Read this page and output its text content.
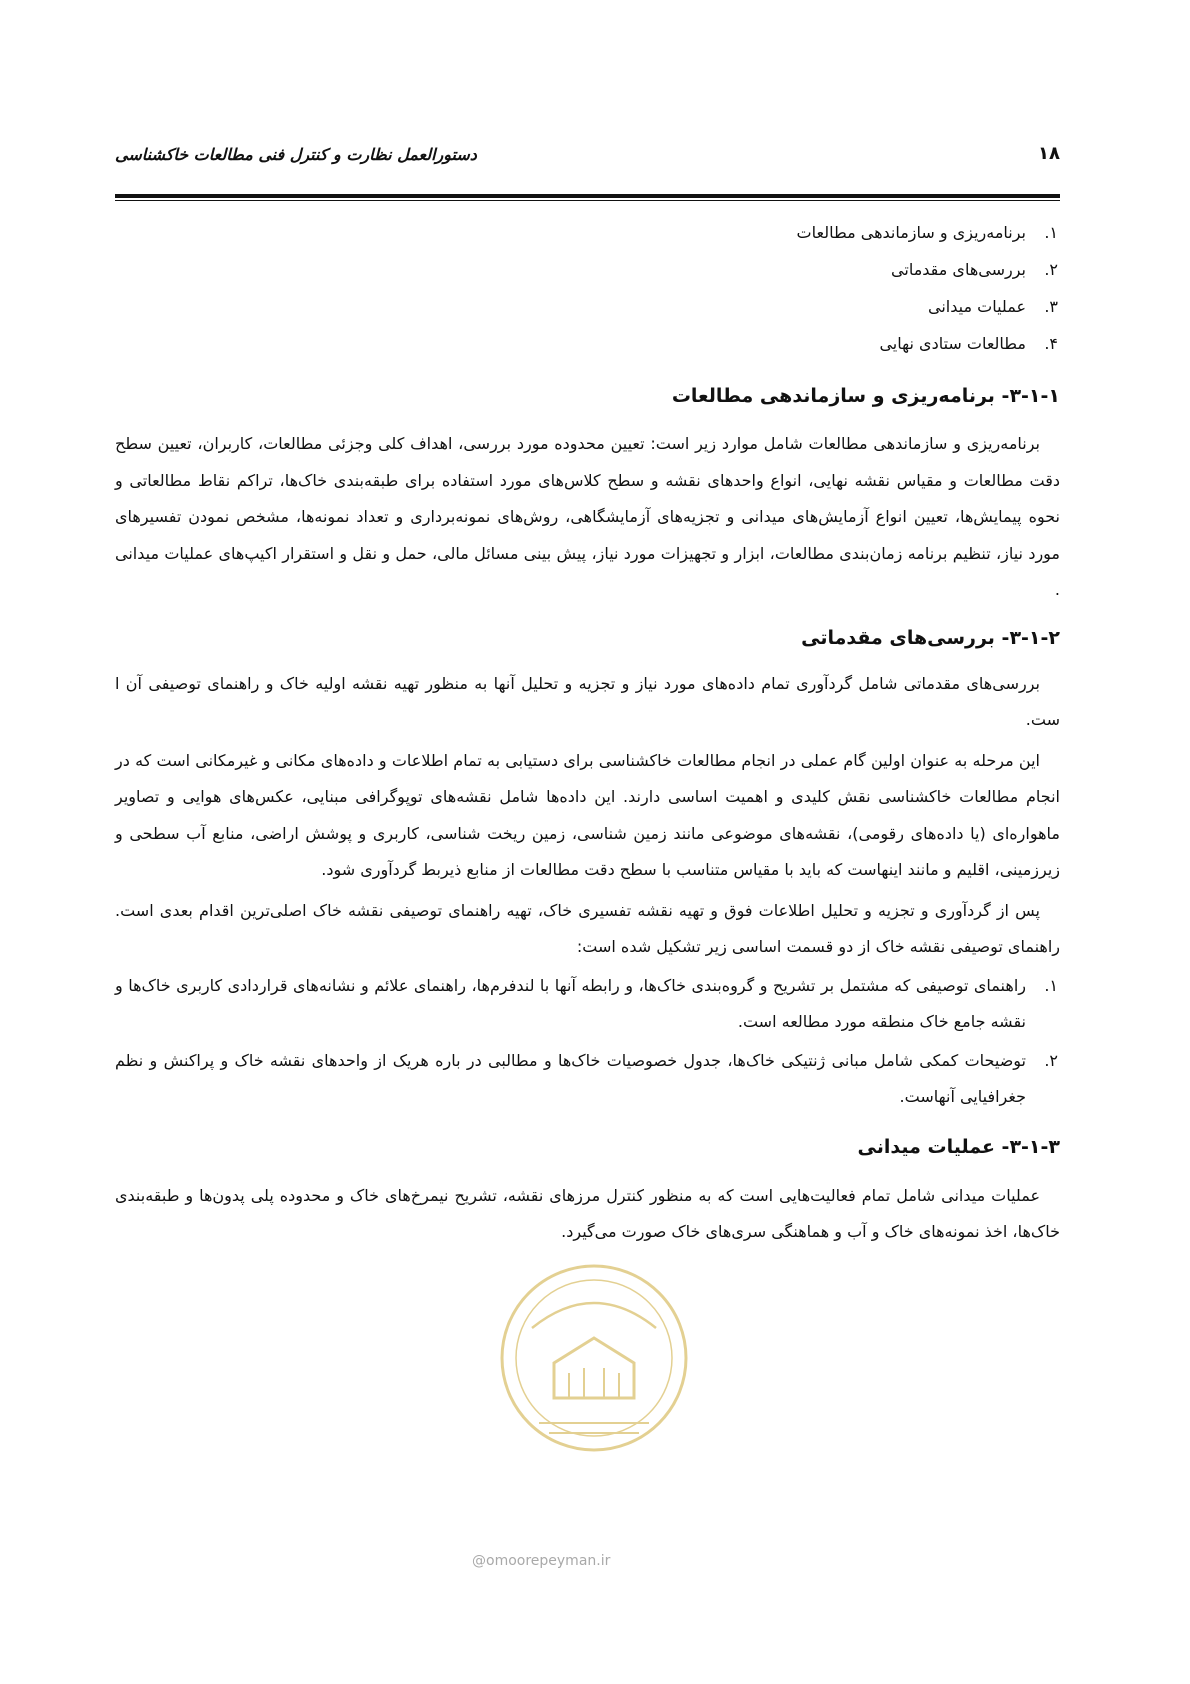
۱۸
دستورالعمل نظارت و کنترل فنی مطالعات خاکشناسی
۱.
برنامه‌ریزی و سازماندهی مطالعات
۲.
بررسی‌های مقدماتی
۳.
عملیات میدانی
۴.
مطالعات ستادی نهایی
۳-۱-۱- برنامه‌ریزی و سازماندهی مطالعات

برنامه‌ریزی و سازماندهی مطالعات شامل موارد زیر است: تعیین محدوده مورد بررسی، اهداف کلی وجزئی مطالعات، کاربران، تعیین سطح دقت مطالعات و مقیاس نقشه نهایی، انواع واحدهای نقشه و سطح کلاس‌های مورد استفاده برای طبقه‌بندی خاک‌ها، تراکم نقاط مطالعاتی و نحوه پیمایش‌ها، تعیین انواع آزمایش‌های میدانی و تجزیه‌های آزمایشگاهی، روش‌های نمونه‌برداری و تعداد نمونه‌ها، مشخص نمودن تفسیرهای مورد نیاز، تنظیم برنامه زمان‌بندی مطالعات، ابزار و تجهیزات مورد نیاز، پیش بینی مسائل مالی، حمل و نقل و استقرار اکیپ‌های عملیات میدانی .

۳-۱-۲- بررسی‌های مقدماتی

بررسی‌های مقدماتی شامل گردآوری تمام داده‌های مورد نیاز و تجزیه و تحلیل آنها به منظور تهیه نقشه اولیه خاک و راهنمای توصیفی آن ا ست.

این مرحله به عنوان اولین گام عملی در انجام مطالعات خاکشناسی برای دستیابی به تمام اطلاعات و داده‌های مکانی و غیرمکانی است که در انجام مطالعات خاکشناسی نقش کلیدی و اهمیت اساسی دارند. این داده‌ها شامل نقشه‌های توپوگرافی مبنایی، عکس‌های هوایی و تصاویر ماهواره‌ای (یا داده‌های رقومی)، نقشه‌های موضوعی مانند زمین شناسی، زمین ریخت شناسی، کاربری و پوشش اراضی، منابع آب سطحی و زیرزمینی، اقلیم و مانند اینهاست که باید با مقیاس متناسب با سطح دقت مطالعات از منابع ذیربط گردآوری شود.

پس از گردآوری و تجزیه و تحلیل اطلاعات فوق و تهیه نقشه تفسیری خاک، تهیه راهنمای توصیفی نقشه خاک اصلی‌ترین اقدام بعدی است. راهنمای توصیفی نقشه خاک از دو قسمت اساسی زیر تشکیل شده است:

۱.
راهنمای توصیفی که مشتمل بر تشریح و گروه‌بندی خاک‌ها، و رابطه آنها با لندفرم‌ها، راهنمای علائم و نشانه‌های قراردادی کاربری خاک‌ها و نقشه جامع خاک منطقه مورد مطالعه است.
۲.
توضیحات کمکی شامل مبانی ژنتیکی خاک‌ها، جدول خصوصیات خاک‌ها و مطالبی در باره هریک از واحدهای نقشه خاک و پراکنش و نظم جغرافیایی آنهاست.
۳-۱-۳- عملیات میدانی

عملیات میدانی شامل تمام فعالیت‌هایی است که به منظور کنترل مرزهای نقشه، تشریح نیمرخ‌های خاک و محدوده پلی پدون‌ها و طبقه‌بندی خاک‌ها، اخذ نمونه‌های خاک و آب و هماهنگی سری‌های خاک صورت می‌گیرد.

@omoorepeyman.ir
